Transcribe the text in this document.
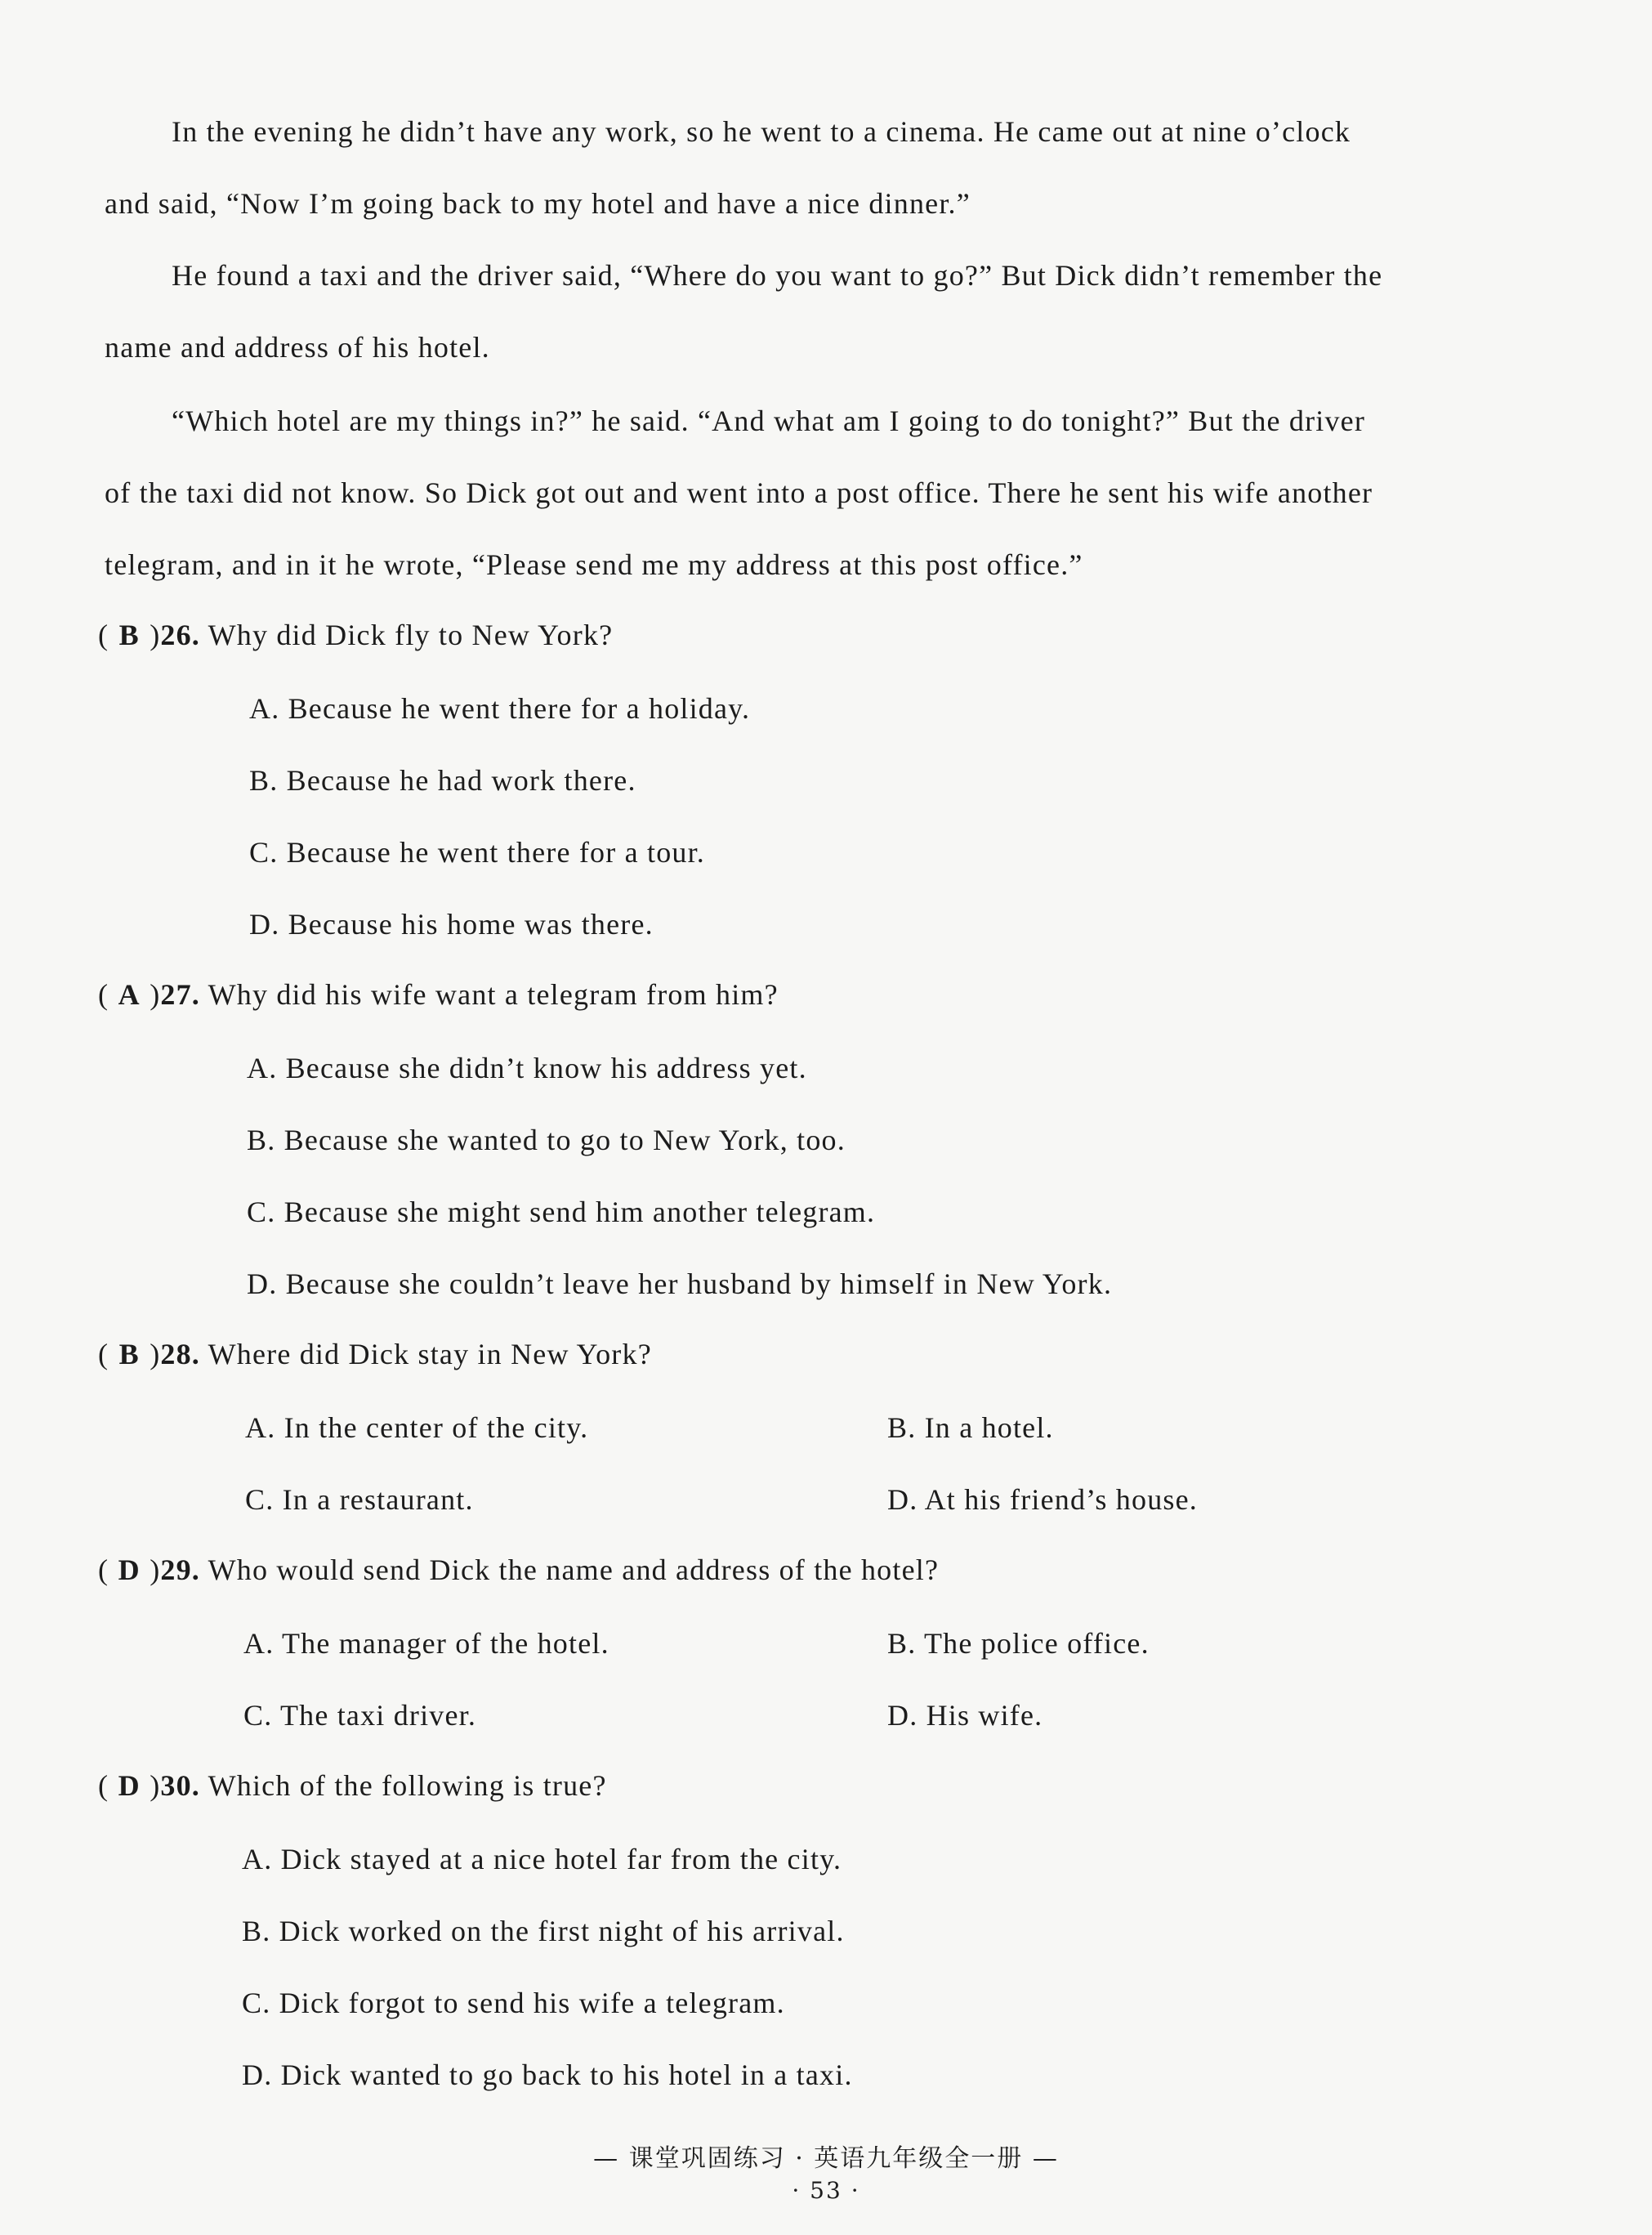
In the evening he didn’t have any work, so he went to a cinema. He came out at nine o’clock
and said, “Now I’m going back to my hotel and have a nice dinner.”
He found a taxi and the driver said, “Where do you want to go?” But Dick didn’t remember the
name and address of his hotel.
“Which hotel are my things in?” he said. “And what am I going to do tonight?” But the driver
of the taxi did not know. So Dick got out and went into a post office. There he sent his wife another
telegram, and in it he wrote, “Please send me my address at this post office.”
( B )26. Why did Dick fly to New York?
A. Because he went there for a holiday.
B. Because he had work there.
C. Because he went there for a tour.
D. Because his home was there.
( A )27. Why did his wife want a telegram from him?
A. Because she didn’t know his address yet.
B. Because she wanted to go to New York, too.
C. Because she might send him another telegram.
D. Because she couldn’t leave her husband by himself in New York.
( B )28. Where did Dick stay in New York?
A. In the center of the city.	B. In a hotel.
C. In a restaurant.	D. At his friend’s house.
( D )29. Who would send Dick the name and address of the hotel?
A. The manager of the hotel.	B. The police office.
C. The taxi driver.	D. His wife.
( D )30. Which of the following is true?
A. Dick stayed at a nice hotel far from the city.
B. Dick worked on the first night of his arrival.
C. Dick forgot to send his wife a telegram.
D. Dick wanted to go back to his hotel in a taxi.
— 课堂巩固练习 · 英语九年级全一册 —
· 53 ·
